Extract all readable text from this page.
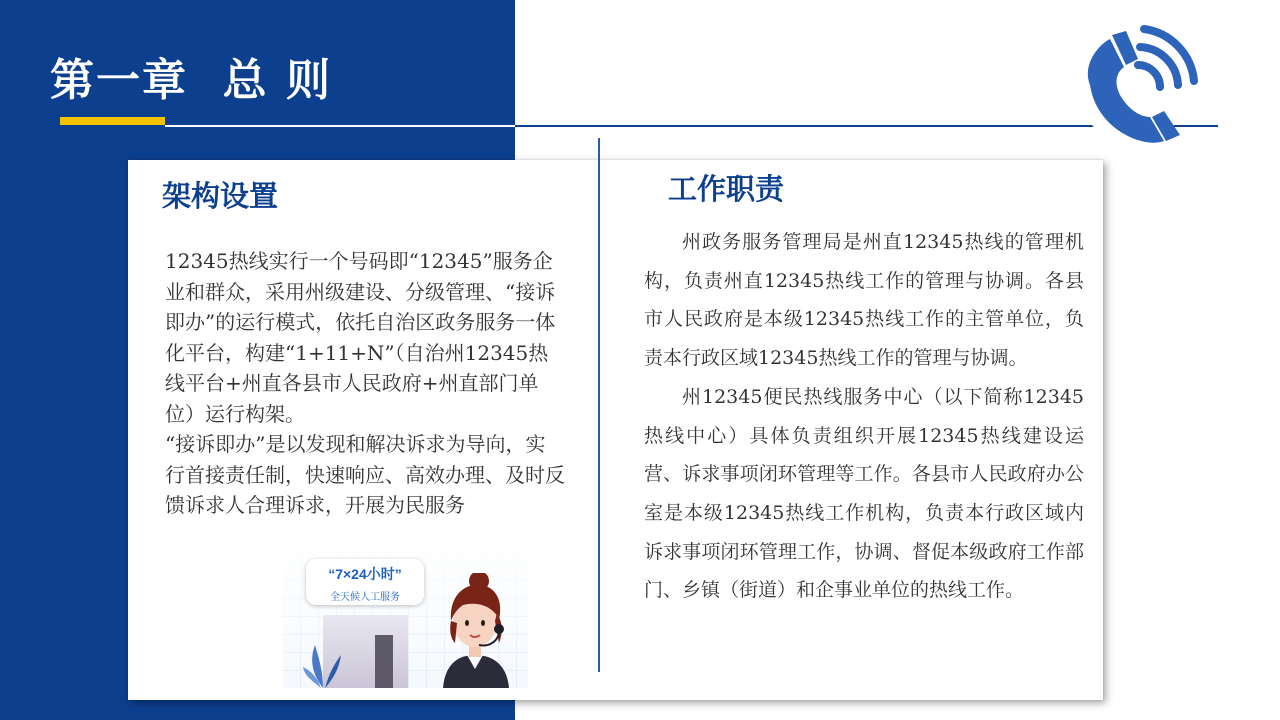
第一章  总 则
架构设置

12345热线实行一个号码即“12345”服务企业和群众，采用州级建设、分级管理、“接诉即办”的运行模式，依托自治区政务服务一体化平台，构建“1+11+N”（自治州12345热线平台+州直各县市人民政府+州直部门单位）运行构架。

“接诉即办”是以发现和解决诉求为导向，实行首接责任制，快速响应、高效办理、及时反馈诉求人合理诉求，开展为民服务

“7×24小时”
全天候人工服务
工作职责

州政务服务管理局是州直12345热线的管理机构，负责州直12345热线工作的管理与协调。各县市人民政府是本级12345热线工作的主管单位，负责本行政区域12345热线工作的管理与协调。

州12345便民热线服务中心（以下简称12345热线中心）具体负责组织开展12345热线建设运营、诉求事项闭环管理等工作。各县市人民政府办公室是本级12345热线工作机构，负责本行政区域内诉求事项闭环管理工作，协调、督促本级政府工作部门、乡镇（街道）和企事业单位的热线工作。
